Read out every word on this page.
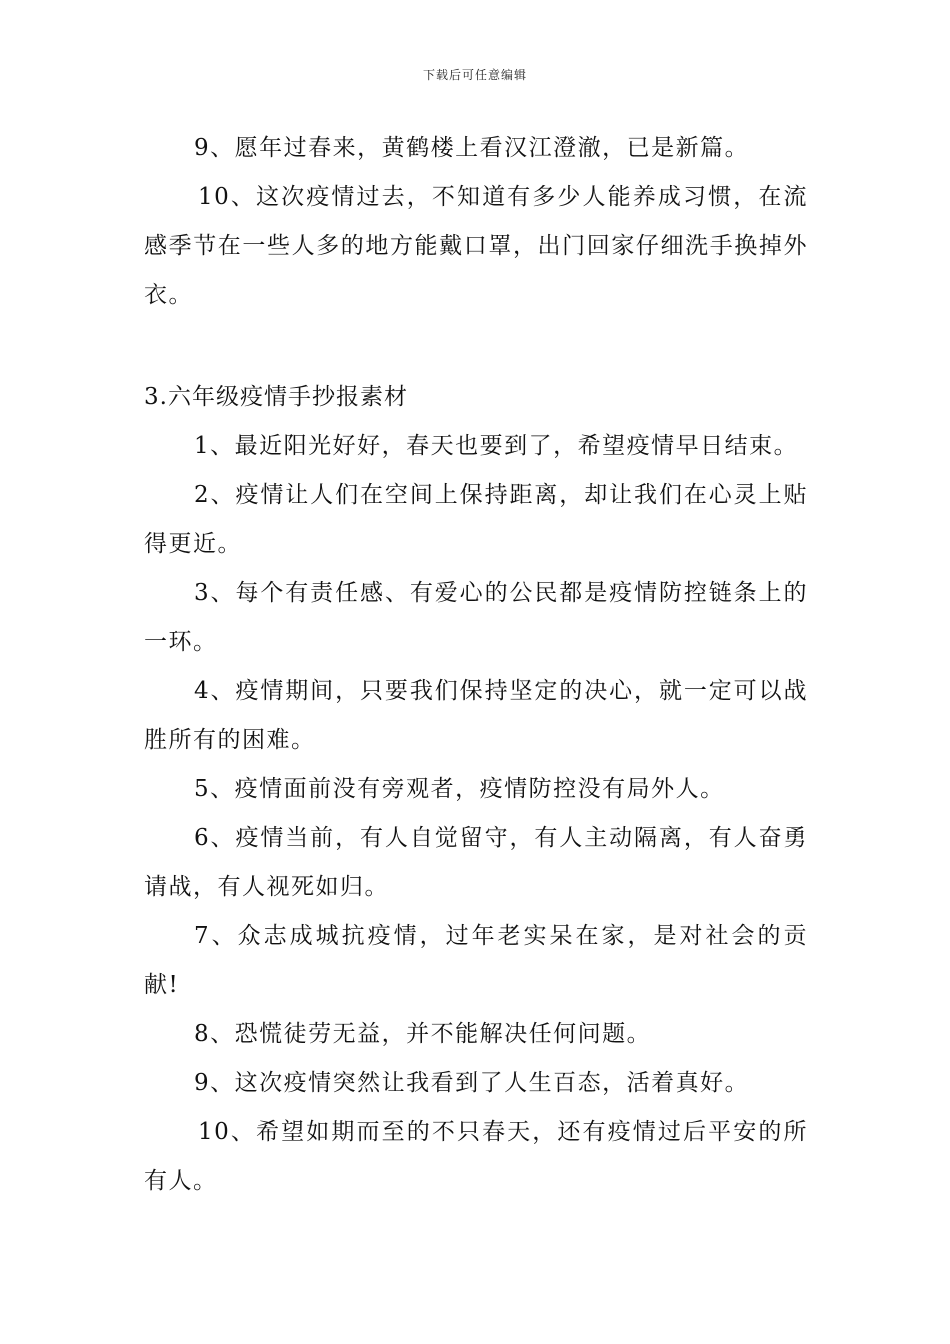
下载后可任意编辑

9、愿年过春来，黄鹤楼上看汉江澄澈，已是新篇。

10、这次疫情过去，不知道有多少人能养成习惯，在流感季节在一些人多的地方能戴口罩，出门回家仔细洗手换掉外衣。

3.六年级疫情手抄报素材

1、最近阳光好好，春天也要到了，希望疫情早日结束。

2、疫情让人们在空间上保持距离，却让我们在心灵上贴得更近。

3、每个有责任感、有爱心的公民都是疫情防控链条上的一环。

4、疫情期间，只要我们保持坚定的决心，就一定可以战胜所有的困难。

5、疫情面前没有旁观者，疫情防控没有局外人。

6、疫情当前，有人自觉留守，有人主动隔离，有人奋勇请战，有人视死如归。

7、众志成城抗疫情，过年老实呆在家，是对社会的贡献!

8、恐慌徒劳无益，并不能解决任何问题。

9、这次疫情突然让我看到了人生百态，活着真好。

10、希望如期而至的不只春天，还有疫情过后平安的所有人。
